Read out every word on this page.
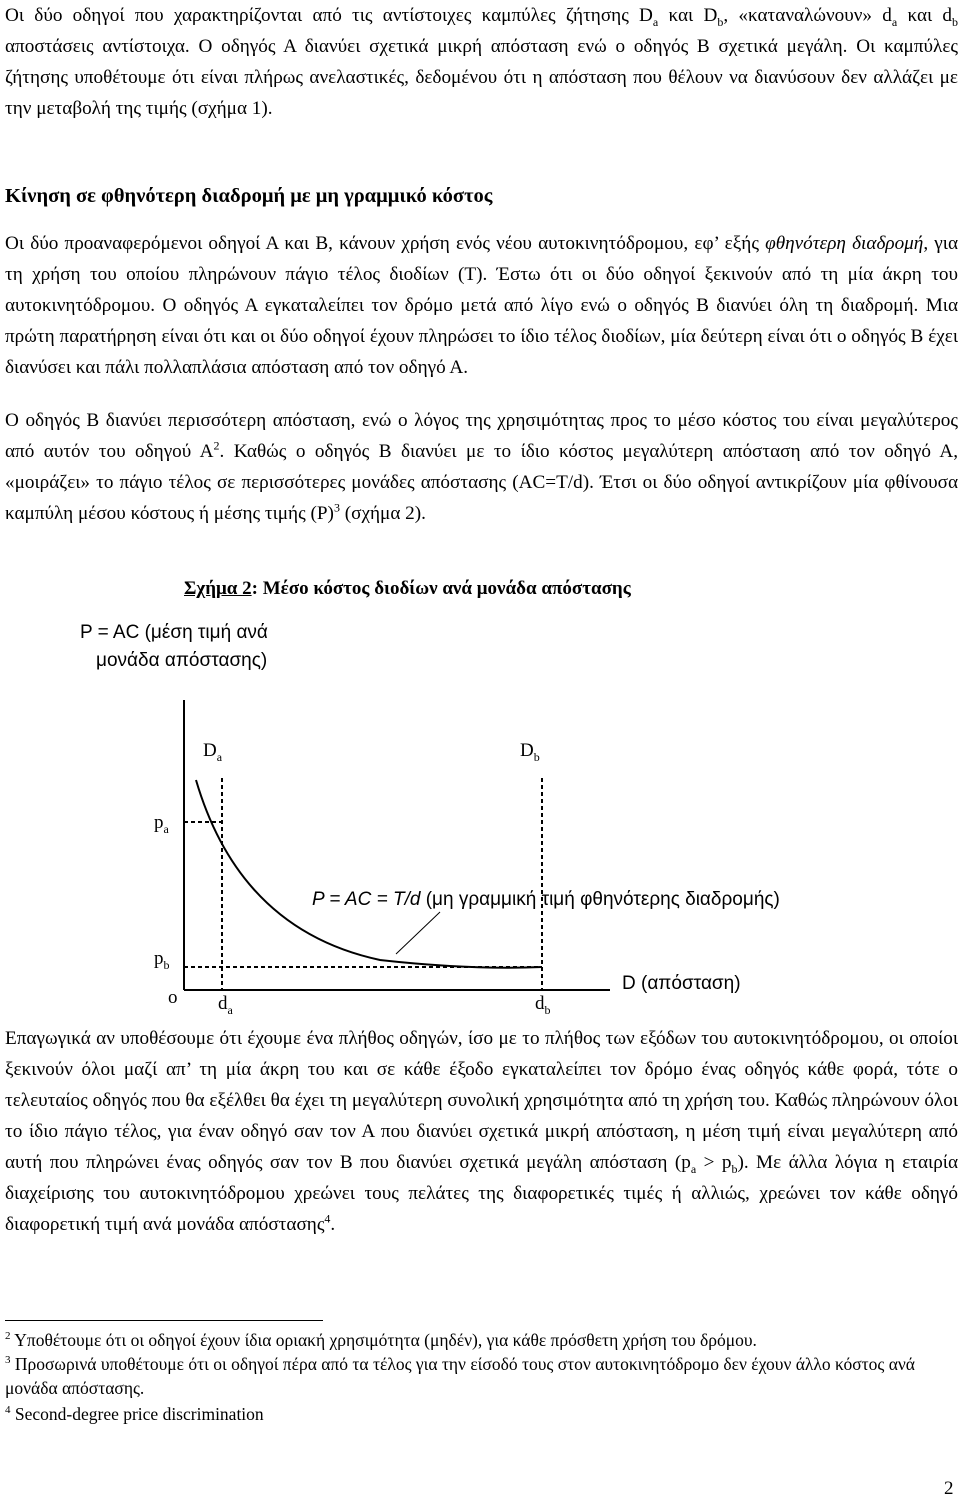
Οι δύο οδηγοί που χαρακτηρίζονται από τις αντίστοιχες καμπύλες ζήτησης $D_a$ και $D_b$, «καταναλώνουν» $d_a$ και $d_b$ αποστάσεις αντίστοιχα. Ο οδηγός Α διανύει σχετικά μικρή απόσταση ενώ ο οδηγός Β σχετικά μεγάλη. Οι καμπύλες ζήτησης υποθέτουμε ότι είναι πλήρως ανελαστικές, δεδομένου ότι η απόσταση που θέλουν να διανύσουν δεν αλλάζει με την μεταβολή της τιμής (σχήμα 1).

Κίνηση σε φθηνότερη διαδρομή με μη γραμμικό κόστος

Οι δύο προαναφερόμενοι οδηγοί Α και Β, κάνουν χρήση ενός νέου αυτοκινητόδρομου, εφ’ εξής φθηνότερη διαδρομή, για τη χρήση του οποίου πληρώνουν πάγιο τέλος διοδίων (T). Έστω ότι οι δύο οδηγοί ξεκινούν από τη μία άκρη του αυτοκινητόδρομου. Ο οδηγός Α εγκαταλείπει τον δρόμο μετά από λίγο ενώ ο οδηγός Β διανύει όλη τη διαδρομή. Μια πρώτη παρατήρηση είναι ότι και οι δύο οδηγοί έχουν πληρώσει το ίδιο τέλος διοδίων, μία δεύτερη είναι ότι ο οδηγός Β έχει διανύσει και πάλι πολλαπλάσια απόσταση από τον οδηγό Α.

Ο οδηγός Β διανύει περισσότερη απόσταση, ενώ ο λόγος της χρησιμότητας προς το μέσο κόστος του είναι μεγαλύτερος από αυτόν του οδηγού $A^2$. Καθώς ο οδηγός Β διανύει με το ίδιο κόστος μεγαλύτερη απόσταση από τον οδηγό Α, «μοιράζει» το πάγιο τέλος σε περισσότερες μονάδες απόστασης (AC=T/d). Έτσι οι δύο οδηγοί αντικρίζουν μία φθίνουσα καμπύλη μέσου κόστους ή μέσης τιμής $(P)^3$ (σχήμα 2).

Σχήμα 2: Μέσο κόστος διοδίων ανά μονάδα απόστασης
P = AC (μέση τιμή ανά
μονάδα απόστασης)
$D_a$	$D_b$
$p_a$
$p_b$
o $d_a$	$d_b$
D (απόσταση)
P = AC = T/d (μη γραμμική τιμή φθηνότερης διαδρομής)

Επαγωγικά αν υποθέσουμε ότι έχουμε ένα πλήθος οδηγών, ίσο με το πλήθος των εξόδων του αυτοκινητόδρομου, οι οποίοι ξεκινούν όλοι μαζί απ’ τη μία άκρη του και σε κάθε έξοδο εγκαταλείπει τον δρόμο ένας οδηγός κάθε φορά, τότε ο τελευταίος οδηγός που θα εξέλθει θα έχει τη μεγαλύτερη συνολική χρησιμότητα από τη χρήση του. Καθώς πληρώνουν όλοι το ίδιο πάγιο τέλος, για έναν οδηγό σαν τον Α που διανύει σχετικά μικρή απόσταση, η μέση τιμή είναι μεγαλύτερη από αυτή που πληρώνει ένας οδηγός σαν τον Β που διανύει σχετικά μεγάλη απόσταση $(p_a > p_b)$. Με άλλα λόγια η εταιρία διαχείρισης του αυτοκινητόδρομου χρεώνει τους πελάτες της διαφορετικές τιμές ή αλλιώς, χρεώνει τον κάθε οδηγό διαφορετική τιμή ανά μονάδα απόστασης$^4$.

$^2$ Υποθέτουμε ότι οι οδηγοί έχουν ίδια οριακή χρησιμότητα (μηδέν), για κάθε πρόσθετη χρήση του δρόμου.

$^3$ Προσωρινά υποθέτουμε ότι οι οδηγοί πέρα από τα τέλος για την είσοδό τους στον αυτοκινητόδρομο δεν έχουν άλλο κόστος ανά μονάδα απόστασης.

$^4$ Second-degree price discrimination

2
